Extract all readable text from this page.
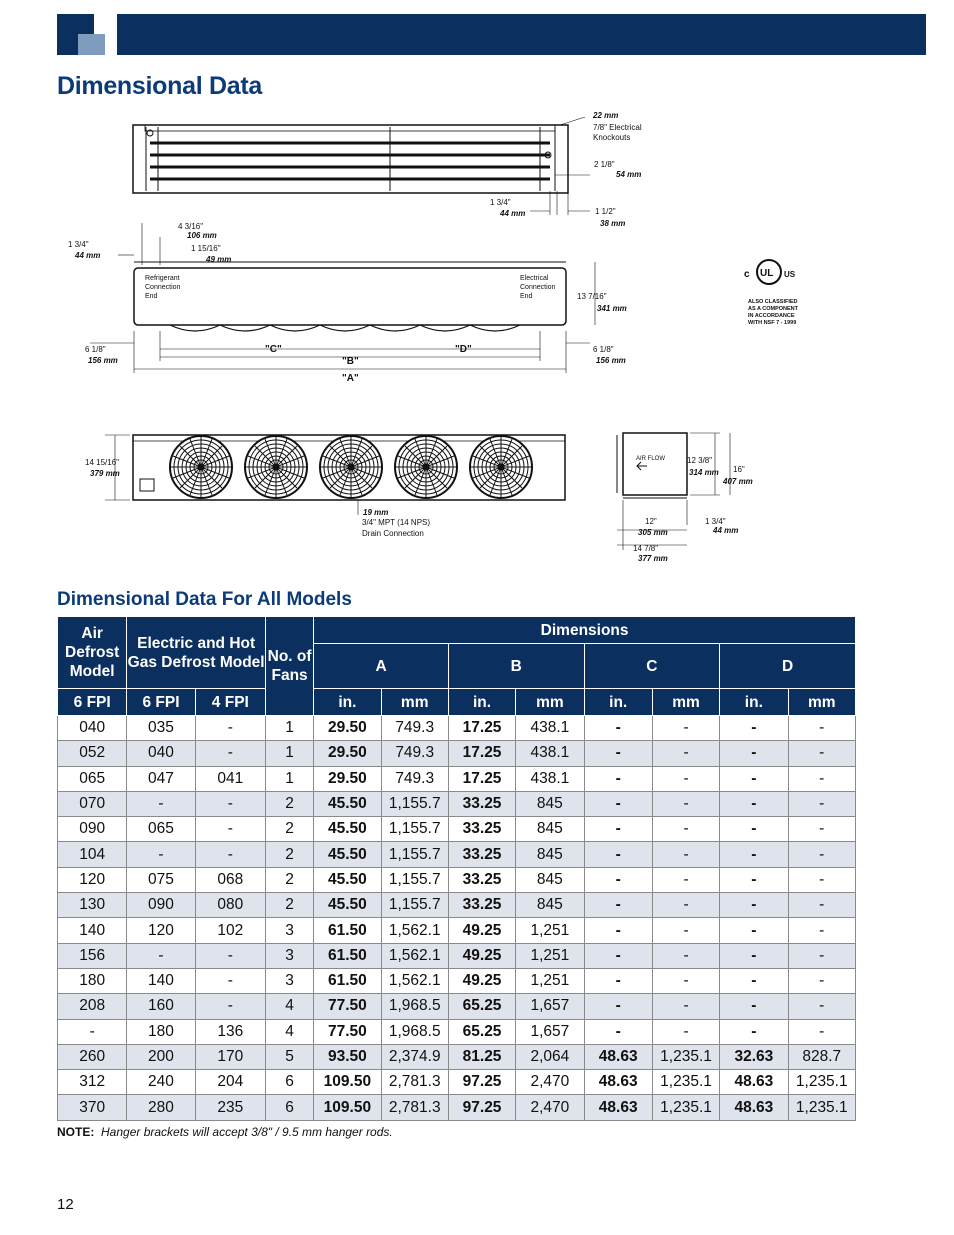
Dimensional Data
22 mm
7/8" Electrical
Knockouts
2 1/8"
54 mm
1 3/4"
44 mm	1 1/2"
38 mm
4 3/16"
106 mm
1 15/16"
49 mm
1 3/4"
44 mm
Refrigerant
Connection
End
Electrical
Connection
End	13 7/16"
341 mm
6 1/8"
156 mm
6 1/8"
156 mm
"C"	"D"
"B"
"A"
14 15/16"
379 mm
19 mm
3/4" MPT (14 NPS)
Drain Connection
AIR FLOW	12 3/8"
314 mm 16"
407 mm
12"
305 mm
1 3/4"
44 mm
14 7/8"
377 mm
c UL US
ALSO CLASSIFIED
AS A COMPONENT
IN ACCORDANCE
WITH NSF 7 - 1999
Dimensional Data For All Models
Air Defrost Model	Electric and Hot Gas Defrost Model		No. of Fans	Dimensions							
				A		B		C		D	
6 FPI	6 FPI	4 FPI		in.	mm	in.	mm	in.	mm	in.	mm
040	035	-	1	29.50	749.3	17.25	438.1	-	-	-	-
052	040	-	1	29.50	749.3	17.25	438.1	-	-	-	-
065	047	041	1	29.50	749.3	17.25	438.1	-	-	-	-
070	-	-	2	45.50	1,155.7	33.25	845	-	-	-	-
090	065	-	2	45.50	1,155.7	33.25	845	-	-	-	-
104	-	-	2	45.50	1,155.7	33.25	845	-	-	-	-
120	075	068	2	45.50	1,155.7	33.25	845	-	-	-	-
130	090	080	2	45.50	1,155.7	33.25	845	-	-	-	-
140	120	102	3	61.50	1,562.1	49.25	1,251	-	-	-	-
156	-	-	3	61.50	1,562.1	49.25	1,251	-	-	-	-
180	140	-	3	61.50	1,562.1	49.25	1,251	-	-	-	-
208	160	-	4	77.50	1,968.5	65.25	1,657	-	-	-	-
-	180	136	4	77.50	1,968.5	65.25	1,657	-	-	-	-
260	200	170	5	93.50	2,374.9	81.25	2,064	48.63	1,235.1	32.63	828.7
312	240	204	6	109.50	2,781.3	97.25	2,470	48.63	1,235.1	48.63	1,235.1
370	280	235	6	109.50	2,781.3	97.25	2,470	48.63	1,235.1	48.63	1,235.1
NOTE: Hanger brackets will accept 3/8" / 9.5 mm hanger rods.
12
